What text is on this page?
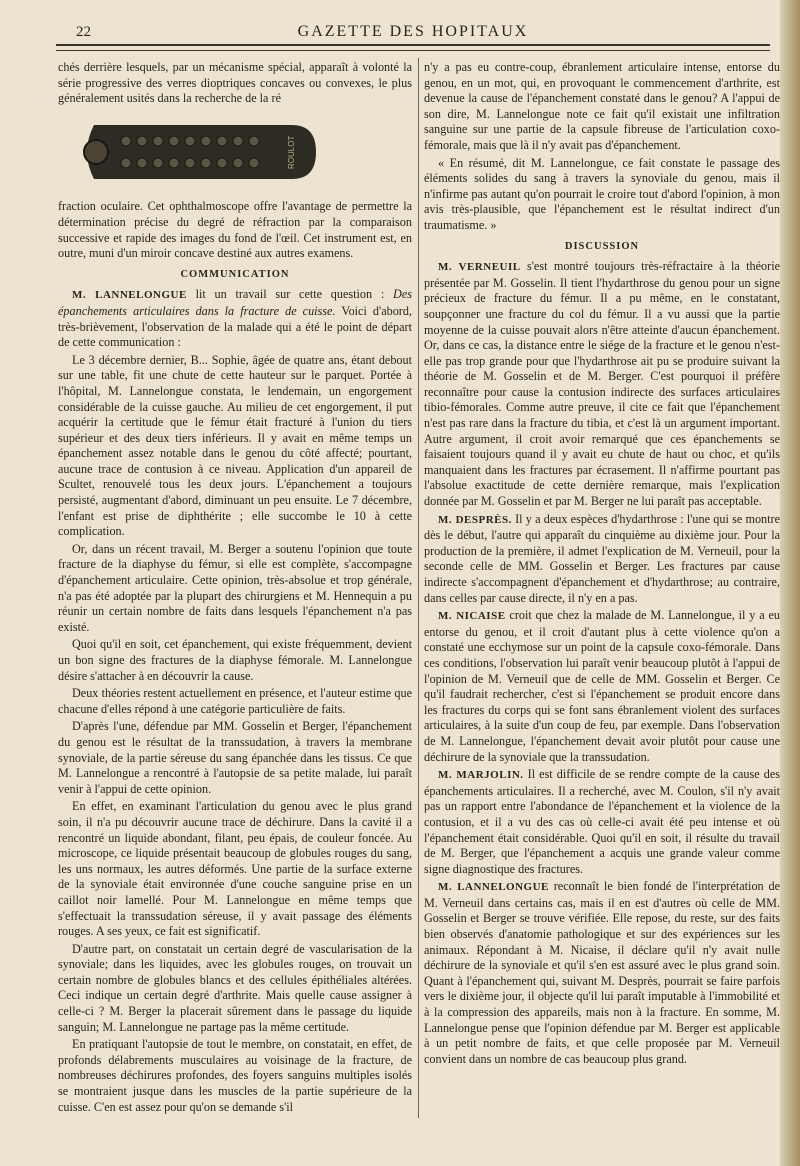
22	GAZETTE DES HOPITAUX

chés derrière lesquels, par un mécanisme spécial, apparaît à volonté la série progressive des verres dioptriques concaves ou convexes, le plus généralement usités dans la recherche de la ré

ROULOT

fraction oculaire. Cet ophthalmoscope offre l'avantage de permettre la détermination précise du degré de réfraction par la comparaison successive et rapide des images du fond de l'œil. Cet instrument est, en outre, muni d'un miroir concave destiné aux autres examens.

COMMUNICATION

M. LANNELONGUE lit un travail sur cette question : Des épanchements articulaires dans la fracture de cuisse. Voici d'abord, très-brièvement, l'observation de la malade qui a été le point de départ de cette communication :

Le 3 décembre dernier, B... Sophie, âgée de quatre ans, étant debout sur une table, fit une chute de cette hauteur sur le parquet. Portée à l'hôpital, M. Lannelongue constata, le lendemain, un engorgement considérable de la cuisse gauche. Au milieu de cet engorgement, il put acquérir la certitude que le fémur était fracturé à l'union du tiers supérieur et des deux tiers inférieurs. Il y avait en même temps un épanchement assez notable dans le genou du côté affecté; pourtant, aucune trace de contusion à ce niveau. Application d'un appareil de Scultet, renouvelé tous les deux jours. L'épanchement a toujours persisté, augmentant d'abord, diminuant un peu ensuite. Le 7 décembre, l'enfant est prise de diphthérite ; elle succombe le 10 à cette complication.

Or, dans un récent travail, M. Berger a soutenu l'opinion que toute fracture de la diaphyse du fémur, si elle est complète, s'accompagne d'épanchement articulaire. Cette opinion, très-absolue et trop générale, n'a pas été adoptée par la plupart des chirurgiens et M. Hennequin a pu réunir un certain nombre de faits dans lesquels l'épanchement n'a pas existé.

Quoi qu'il en soit, cet épanchement, qui existe fréquemment, devient un bon signe des fractures de la diaphyse fémorale. M. Lannelongue désire s'attacher à en découvrir la cause.

Deux théories restent actuellement en présence, et l'auteur estime que chacune d'elles répond à une catégorie particulière de faits.

D'après l'une, défendue par MM. Gosselin et Berger, l'épanchement du genou est le résultat de la transsudation, à travers la membrane synoviale, de la partie séreuse du sang épanchée dans les tissus. Ce que M. Lannelongue a rencontré à l'autopsie de sa petite malade, lui paraît venir à l'appui de cette opinion.

En effet, en examinant l'articulation du genou avec le plus grand soin, il n'a pu découvrir aucune trace de déchirure. Dans la cavité il a rencontré un liquide abondant, filant, peu épais, de couleur foncée. Au microscope, ce liquide présentait beaucoup de globules rouges du sang, les uns normaux, les autres déformés. Une partie de la surface externe de la synoviale était environnée d'une couche sanguine prise en un caillot noir lamellé. Pour M. Lannelongue en même temps que s'effectuait la transsudation séreuse, il y avait passage des éléments rouges. A ses yeux, ce fait est significatif.

D'autre part, on constatait un certain degré de vascularisation de la synoviale; dans les liquides, avec les globules rouges, on trouvait un certain nombre de globules blancs et des cellules épithéliales altérées. Ceci indique un certain degré d'arthrite. Mais quelle cause assigner à celle-ci ? M. Berger la placerait sûrement dans le passage du liquide sanguin; M. Lannelongue ne partage pas la même certitude.

En pratiquant l'autopsie de tout le membre, on constatait, en effet, de profonds délabrements musculaires au voisinage de la fracture, de nombreuses déchirures profondes, des foyers sanguins multiples isolés se montraient jusque dans les muscles de la partie supérieure de la cuisse. C'en est assez pour qu'on se demande s'il

n'y a pas eu contre-coup, ébranlement articulaire intense, entorse du genou, en un mot, qui, en provoquant le commencement d'arthrite, est devenue la cause de l'épanchement constaté dans le genou? A l'appui de son dire, M. Lannelongue note ce fait qu'il existait une infiltration sanguine sur une partie de la capsule fibreuse de l'articulation coxo-fémorale, mais que là il n'y avait pas d'épanchement.

« En résumé, dit M. Lannelongue, ce fait constate le passage des éléments solides du sang à travers la synoviale du genou, mais il n'infirme pas autant qu'on pourrait le croire tout d'abord l'opinion, à mon avis très-plausible, que l'épanchement est le résultat indirect d'un traumatisme. »

DISCUSSION

M. VERNEUIL s'est montré toujours très-réfractaire à la théorie présentée par M. Gosselin. Il tient l'hydarthrose du genou pour un signe précieux de fracture du fémur. Il a pu même, en le constatant, soupçonner une fracture du col du fémur. Il a vu aussi que la partie moyenne de la cuisse pouvait alors n'être atteinte d'aucun épanchement. Or, dans ce cas, la distance entre le siége de la fracture et le genou n'est-elle pas trop grande pour que l'hydarthrose ait pu se produire suivant la théorie de M. Gosselin et de M. Berger. C'est pourquoi il préfère reconnaître pour cause la contusion indirecte des surfaces articulaires tibio-fémorales. Comme autre preuve, il cite ce fait que l'épanchement n'est pas rare dans la fracture du tibia, et c'est là un argument important. Autre argument, il croit avoir remarqué que ces épanchements se faisaient toujours quand il y avait eu chute de haut ou choc, et qu'ils manquaient dans les fractures par écrasement. Il n'affirme pourtant pas l'absolue exactitude de cette dernière remarque, mais l'explication donnée par M. Gosselin et par M. Berger ne lui paraît pas acceptable.

M. DESPRÈS. Il y a deux espèces d'hydarthrose : l'une qui se montre dès le début, l'autre qui apparaît du cinquième au dixième jour. Pour la production de la première, il admet l'explication de M. Verneuil, pour la seconde celle de MM. Gosselin et Berger. Les fractures par cause indirecte s'accompagnent d'épanchement et d'hydarthrose; au contraire, dans celles par cause directe, il n'y en a pas.

M. NICAISE croit que chez la malade de M. Lannelongue, il y a eu entorse du genou, et il croit d'autant plus à cette violence qu'on a constaté une ecchymose sur un point de la capsule coxo-fémorale. Dans ces conditions, l'observation lui paraît venir beaucoup plutôt à l'appui de l'opinion de M. Verneuil que de celle de MM. Gosselin et Berger. Ce qu'il faudrait rechercher, c'est si l'épanchement se produit encore dans les fractures du corps qui se font sans ébranlement violent des surfaces articulaires, à la suite d'un coup de feu, par exemple. Dans l'observation de M. Lannelongue, l'épanchement devait avoir plutôt pour cause une déchirure de la synoviale que la transsudation.

M. MARJOLIN. Il est difficile de se rendre compte de la cause des épanchements articulaires. Il a recherché, avec M. Coulon, s'il n'y avait pas un rapport entre l'abondance de l'épanchement et la violence de la contusion, et il a vu des cas où celle-ci avait été peu intense et où l'épanchement était considérable. Quoi qu'il en soit, il résulte du travail de M. Berger, que l'épanchement a acquis une grande valeur comme signe diagnostique des fractures.

M. LANNELONGUE reconnaît le bien fondé de l'interprétation de M. Verneuil dans certains cas, mais il en est d'autres où celle de MM. Gosselin et Berger se trouve vérifiée. Elle repose, du reste, sur des faits bien observés d'anatomie pathologique et sur des expériences sur les animaux. Répondant à M. Nicaise, il déclare qu'il n'y avait nulle déchirure de la synoviale et qu'il s'en est assuré avec le plus grand soin. Quant à l'épanchement qui, suivant M. Desprès, pourrait se faire parfois vers le dixième jour, il objecte qu'il lui paraît imputable à l'immobilité et à la compression des appareils, mais non à la fracture. En somme, M. Lannelongue pense que l'opinion défendue par M. Berger est applicable à un petit nombre de faits, et que celle proposée par M. Verneuil convient dans un nombre de cas beaucoup plus grand.
